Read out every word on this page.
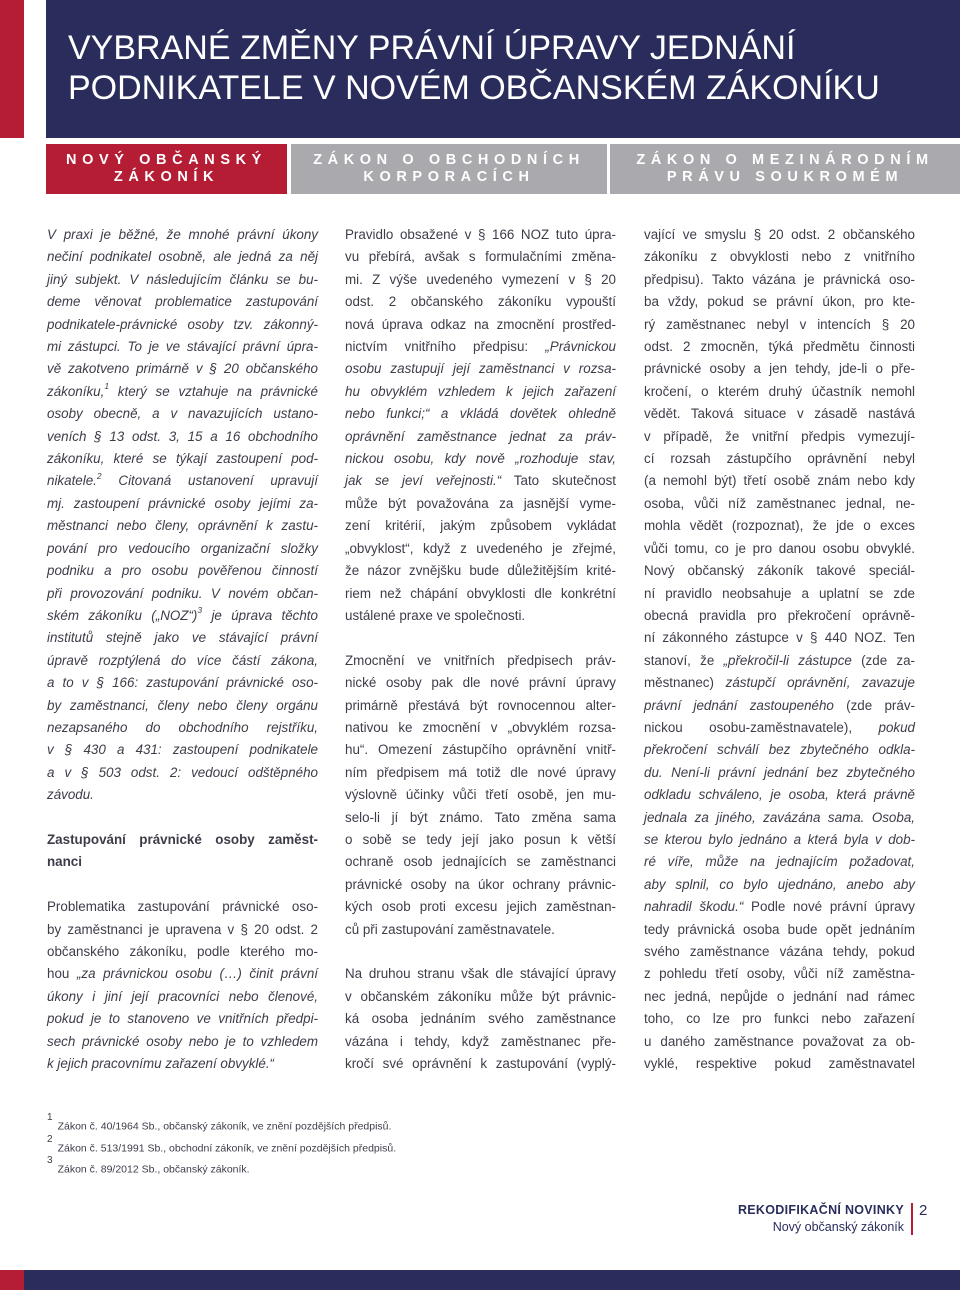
VYBRANÉ ZMĚNY PRÁVNÍ ÚPRAVY JEDNÁNÍ
PODNIKATELE V NOVÉM OBČANSKÉM ZÁKONÍKU
NOVÝ OBČANSKÝ
ZÁKONÍK
ZÁKON O OBCHODNÍCH
KORPORACÍCH
ZÁKON O MEZINÁRODNÍM
PRÁVU SOUKROMÉM

V praxi je běžné, že mnohé právní úkony
nečiní podnikatel osobně, ale jedná za něj
jiný subjekt. V následujícím článku se bu-
deme věnovat problematice zastupování
podnikatele-právnické osoby tzv. zákonný-
mi zástupci. To je ve stávající právní úpra-
vě zakotveno primárně v § 20 občanského
zákoníku,$^1$ který se vztahuje na právnické
osoby obecně, a v navazujících ustano-
veních § 13 odst. 3, 15 a 16 obchodního
zákoníku, které se týkají zastoupení pod-
nikatele.$^2$ Citovaná ustanovení upravují
mj. zastoupení právnické osoby jejími za-
městnanci nebo členy, oprávnění k zastu-
pování pro vedoucího organizační složky
podniku a pro osobu pověřenou činností
při provozování podniku. V novém občan-
ském zákoníku („NOZ“)$^3$ je úprava těchto
institutů stejně jako ve stávající právní
úpravě rozptýlená do více částí zákona,
a to v § 166: zastupování právnické oso-
by zaměstnanci, členy nebo členy orgánu
nezapsaného do obchodního rejstříku,
v § 430 a 431: zastoupení podnikatele
a v § 503 odst. 2: vedoucí odštěpného
závodu.

Zastupování právnické osoby zaměst-
nanci

Problematika zastupování právnické oso-
by zaměstnanci je upravena v § 20 odst. 2
občanského zákoníku, podle kterého mo-
hou „za právnickou osobu (…) činit právní
úkony i jiní její pracovníci nebo členové,
pokud je to stanoveno ve vnitřních předpi-
sech právnické osoby nebo je to vzhledem
k jejich pracovnímu zařazení obvyklé.“

Pravidlo obsažené v § 166 NOZ tuto úpra-
vu přebírá, avšak s formulačními změna-
mi. Z výše uvedeného vymezení v § 20
odst. 2 občanského zákoníku vypouští
nová úprava odkaz na zmocnění prostřed-
nictvím vnitřního předpisu: „Právnickou
osobu zastupují její zaměstnanci v rozsa-
hu obvyklém vzhledem k jejich zařazení
nebo funkci;“ a vkládá dovětek ohledně
oprávnění zaměstnance jednat za práv-
nickou osobu, kdy nově „rozhoduje stav,
jak se jeví veřejnosti.“ Tato skutečnost
může být považována za jasnější vyme-
zení kritérií, jakým způsobem vykládat
„obvyklost“, když z uvedeného je zřejmé,
že názor zvnějšku bude důležitějším krité-
riem než chápání obvyklosti dle konkrétní
ustálené praxe ve společnosti.

Zmocnění ve vnitřních předpisech práv-
nické osoby pak dle nové právní úpravy
primárně přestává být rovnocennou alter-
nativou ke zmocnění v „obvyklém rozsa-
hu“. Omezení zástupčího oprávnění vnitř-
ním předpisem má totiž dle nové úpravy
výslovně účinky vůči třetí osobě, jen mu-
selo-li jí být známo. Tato změna sama
o sobě se tedy její jako posun k větší
ochraně osob jednajících se zaměstnanci
právnické osoby na úkor ochrany právnic-
kých osob proti excesu jejich zaměstnan-
ců při zastupování zaměstnavatele.

Na druhou stranu však dle stávající úpravy
v občanském zákoníku může být právnic-
ká osoba jednáním svého zaměstnance
vázána i tehdy, když zaměstnanec pře-
kročí své oprávnění k zastupování (vyplý-

vající ve smyslu § 20 odst. 2 občanského
zákoníku z obvyklosti nebo z vnitřního
předpisu). Takto vázána je právnická oso-
ba vždy, pokud se právní úkon, pro kte-
rý zaměstnanec nebyl v intencích § 20
odst. 2 zmocněn, týká předmětu činnosti
právnické osoby a jen tehdy, jde-li o pře-
kročení, o kterém druhý účastník nemohl
vědět. Taková situace v zásadě nastává
v případě, že vnitřní předpis vymezují-
cí rozsah zástupčího oprávnění nebyl
(a nemohl být) třetí osobě znám nebo kdy
osoba, vůči níž zaměstnanec jednal, ne-
mohla vědět (rozpoznat), že jde o exces
vůči tomu, co je pro danou osobu obvyklé.
Nový občanský zákoník takové speciál-
ní pravidlo neobsahuje a uplatní se zde
obecná pravidla pro překročení oprávně-
ní zákonného zástupce v § 440 NOZ. Ten
stanoví, že „překročil-li zástupce (zde za-
městnanec) zástupčí oprávnění, zavazuje
právní jednání zastoupeného (zde práv-
nickou osobu-zaměstnavatele), pokud
překročení schválí bez zbytečného odkla-
du. Není-li právní jednání bez zbytečného
odkladu schváleno, je osoba, která právně
jednala za jiného, zavázána sama. Osoba,
se kterou bylo jednáno a která byla v dob-
ré víře, může na jednajícím požadovat,
aby splnil, co bylo ujednáno, anebo aby
nahradil škodu.“ Podle nové právní úpravy
tedy právnická osoba bude opět jednáním
svého zaměstnance vázána tehdy, pokud
z pohledu třetí osoby, vůči níž zaměstna-
nec jedná, nepůjde o jednání nad rámec
toho, co lze pro funkci nebo zařazení
u daného zaměstnance považovat za ob-
vyklé, respektive pokud zaměstnavatel

$^1$Zákon č. 40/1964 Sb., občanský zákoník, ve znění pozdějších předpisů.
$^2$Zákon č. 513/1991 Sb., obchodní zákoník, ve znění pozdějších předpisů.
$^3$Zákon č. 89/2012 Sb., občanský zákoník.
REKODIFIKAČNÍ NOVINKY
Nový občanský zákoník
2
